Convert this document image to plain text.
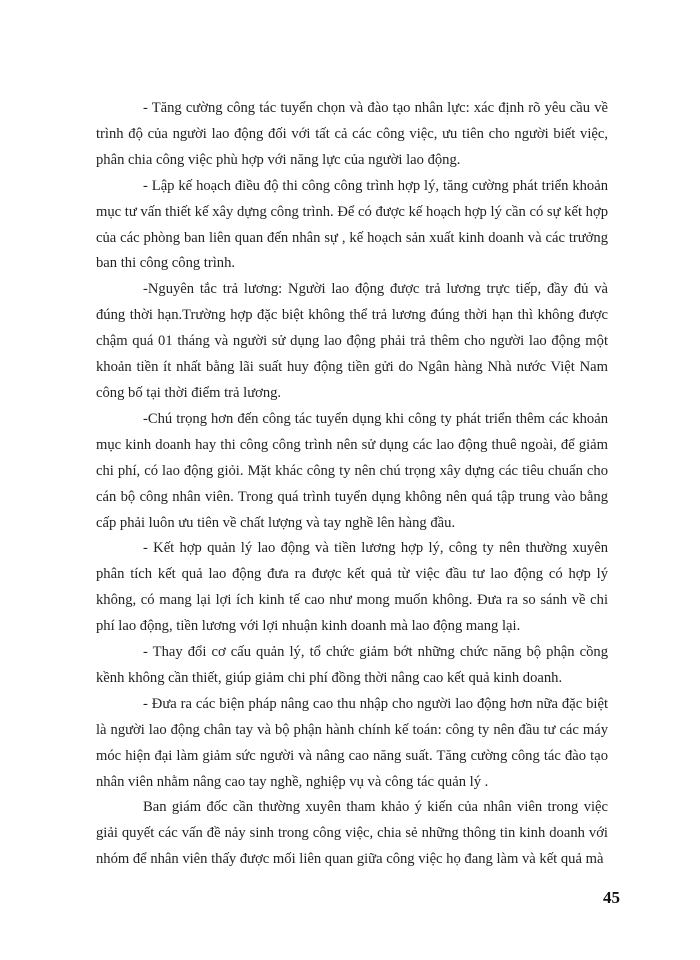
- Tăng cường công tác tuyển chọn và đào tạo nhân lực: xác định rõ yêu cầu về trình độ của người lao động đối với tất cả các công việc, ưu tiên cho người biết việc, phân chia công việc phù hợp với năng lực của người lao động.

- Lập kế hoạch điều độ thi công công trình hợp lý, tăng cường phát triển khoản mục tư vấn thiết kế xây dựng công trình. Để có được kế hoạch hợp lý cần có sự kết hợp của các phòng ban liên quan đến nhân sự , kế hoạch sản xuất kinh doanh và các trưởng ban thi công công trình.

-Nguyên tắc trả lương: Người lao động được trả lương trực tiếp, đầy đủ và đúng thời hạn.Trường hợp đặc biệt không thể trả lương đúng thời hạn thì không được chậm quá 01 tháng và người sử dụng lao động phải trả thêm cho người lao động một khoản tiền ít nhất bằng lãi suất huy động tiền gửi do Ngân hàng Nhà nước Việt Nam công bố tại thời điểm trả lương.

-Chú trọng hơn đến công tác tuyển dụng khi công ty phát triển thêm các khoản mục kinh doanh hay thi công công trình nên sử dụng các lao động thuê ngoài, để giảm chi phí, có lao động giỏi. Mặt khác công ty nên chú trọng xây dựng các tiêu chuẩn cho cán bộ công nhân viên. Trong quá trình tuyển dụng không nên quá tập trung vào bằng cấp phải luôn ưu tiên về chất lượng và tay nghề lên hàng đầu.

- Kết hợp quản lý lao động và tiền lương hợp lý, công ty nên thường xuyên phân tích kết quả lao động đưa ra được kết quả từ việc đầu tư lao động có hợp lý không, có mang lại lợi ích kinh tế cao như mong muốn không. Đưa ra so sánh về chi phí lao động, tiền lương với lợi nhuận kinh doanh mà lao động mang lại.

- Thay đổi cơ cấu quản lý, tổ chức giảm bớt những chức năng bộ phận cồng kềnh không cần thiết, giúp giảm chi phí đồng thời nâng cao kết quả kinh doanh.

- Đưa ra các biện pháp nâng cao thu nhập cho người lao động hơn nữa đặc biệt là người lao động chân tay và bộ phận hành chính kế toán: công ty nên đầu tư các máy móc hiện đại làm giảm sức người và nâng cao năng suất. Tăng cường công tác đào tạo nhân viên nhằm nâng cao tay nghề, nghiệp vụ và công tác quản lý .

Ban giám đốc cần thường xuyên tham khảo ý kiến của nhân viên trong việc giải quyết các vấn đề nảy sinh trong công việc, chia sẻ những thông tin kinh doanh với nhóm để nhân viên thấy được mối liên quan giữa công việc họ đang làm và kết quả mà

45
